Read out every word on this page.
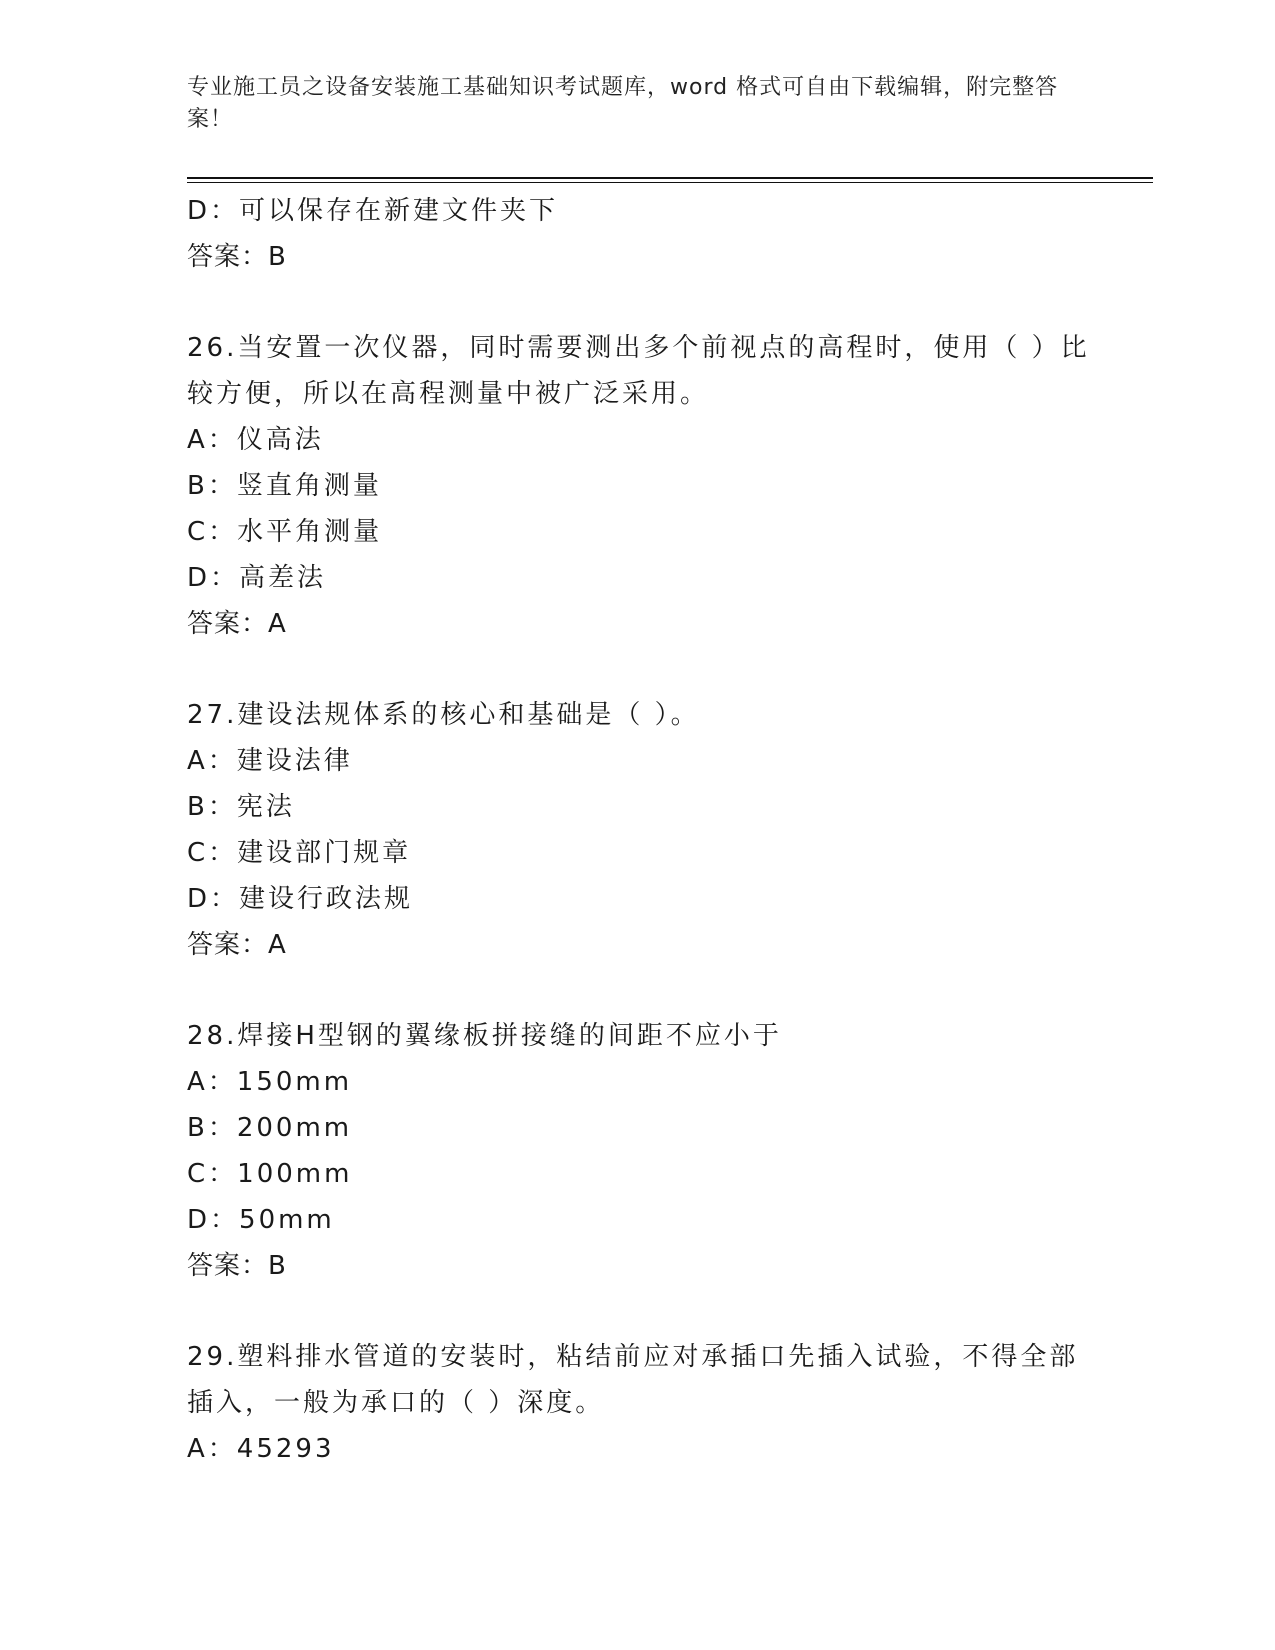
专业施工员之设备安装施工基础知识考试题库，word 格式可自由下载编辑，附完整答案！
D：可以保存在新建文件夹下
答案：B
26.当安置一次仪器，同时需要测出多个前视点的高程时，使用（ ）比较方便，所以在高程测量中被广泛采用。
A：仪高法
B：竖直角测量
C：水平角测量
D：高差法
答案：A
27.建设法规体系的核心和基础是（ ）。
A：建设法律
B：宪法
C：建设部门规章
D：建设行政法规
答案：A
28.焊接H型钢的翼缘板拼接缝的间距不应小于
A：150mm
B：200mm
C：100mm
D：50mm
答案：B
29.塑料排水管道的安装时，粘结前应对承插口先插入试验，不得全部插入，一般为承口的（ ）深度。
A：45293
